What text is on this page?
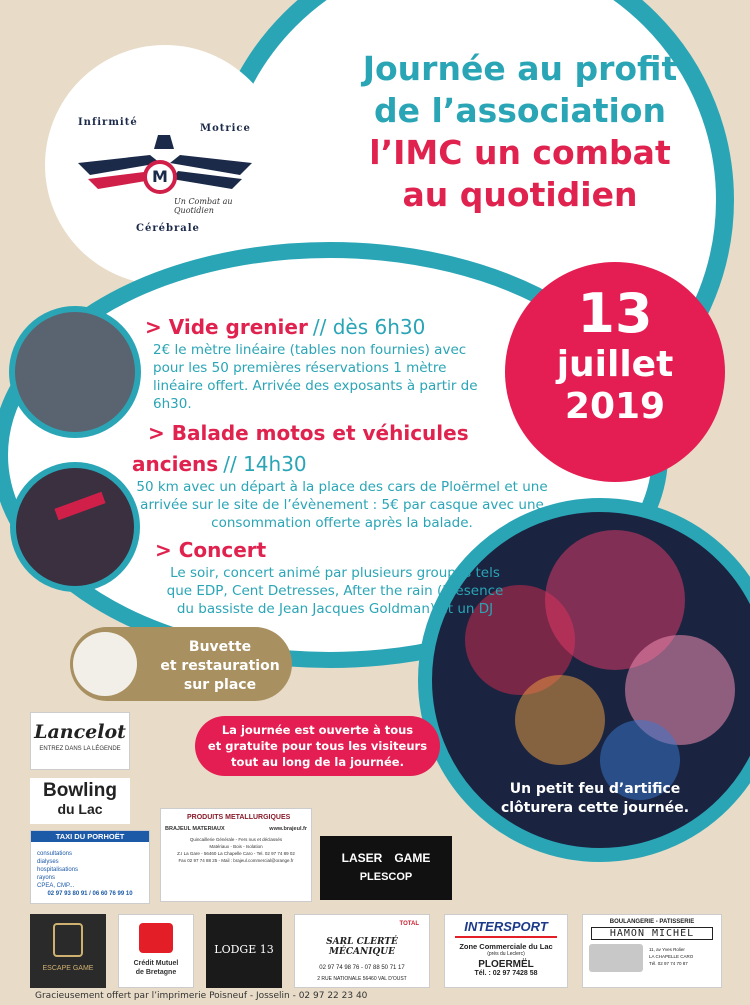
Journée au profit
de l’association
l’IMC un combat
au quotidien
Infirmité
Motrice
M
Un Combat au Quotidien
Cérébrale
13
juillet
2019
> Vide grenier // dès 6h30
2€ le mètre linéaire (tables non fournies) avec
pour les 50 premières réservations 1 mètre
linéaire offert. Arrivée des exposants à partir de
6h30.
> Balade motos et véhicules
anciens // 14h30
50 km avec un départ à la place des cars de Ploërmel et une
arrivée sur le site de l’évènement : 5€ par casque avec une
consommation offerte après la balade.
> Concert
Le soir, concert animé par plusieurs groupes tels
que EDP, Cent Detresses, After the rain (Présence
du bassiste de Jean Jacques Goldman) et un DJ
Buvette
et restauration
sur place
La journée est ouverte à tous
et gratuite pour tous les visiteurs
tout au long de la journée.
Un petit feu d’artifice
clôturera cette journée.
Lancelot
ENTREZ DANS LA LÉGENDE
Bowling
du Lac
TAXI DU PORHOËT
consultations
dialyses
hospitalisations
rayons
CPEA, CMP...
02 97 93 80 91 / 06 60 76 99 10
PRODUITS METALLURGIQUES
BRAJEUL MATERIAUX	www.brajeul.fr
Quincaillerie Générale - Fers nus et déclassés
Matériaux - Bois - Isolation
Z.I La Gare - 56460 La Chapelle Caro - Tel. 02 97 74 89 02
Fax 02 97 74 88 25 - Mail : brajeul.commercial@orange.fr	LASER GAME
PLESCOP
ESCAPE GAME
Crédit Mutuel
de Bretagne
LODGE 13
TOTAL
SARL CLERTÉ MÉCANIQUE
02 97 74 98 76 - 07 88 50 71 17
2 RUE NATIONALE 56460 VAL D'OUST
INTERSPORT
Zone Commerciale du Lac
(près du Leclerc)
PLOERMËL
Tél. : 02 97 7428 58
BOULANGERIE - PATISSERIE
HAMON MICHEL
11, av Yves Rolier
LA CHAPELLE CARO
Tél. 02 97 74 70 87
Gracieusement offert par l’imprimerie Poisneuf - Josselin - 02 97 22 23 40
